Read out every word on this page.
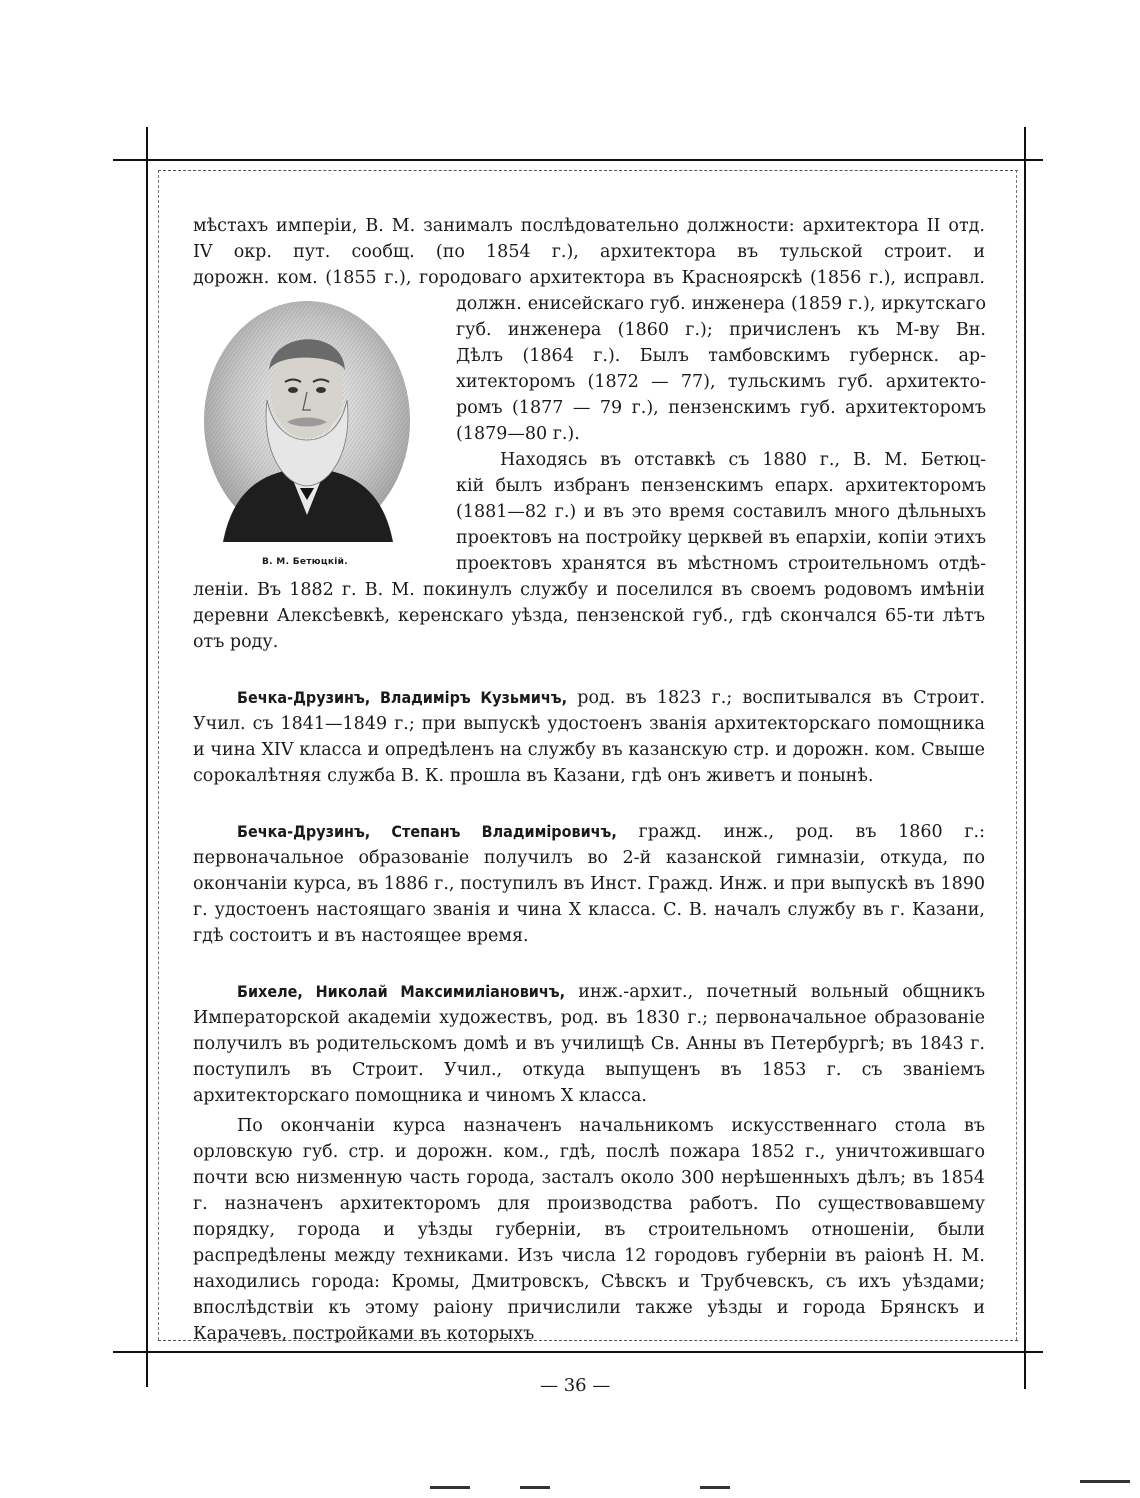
мѣстахъ имперіи, В. М. занималъ послѣдовательно должности: архитектора II отд.

IV окр. пут. сообщ. (по 1854 г.), архитектора въ тульской строит. и

дорожн. ком. (1855 г.), городоваго архитектора въ Красноярскѣ (1856 г.), исправл.

В. М. Бетюцкій.
должн. енисейскаго губ. инженера (1859 г.), иркутскаго
губ. инженера (1860 г.); причисленъ къ М-ву Вн.
Дѣлъ (1864 г.). Былъ тамбовскимъ губернск. ар-
хитекторомъ (1872 — 77), тульскимъ губ. архитекто-
ромъ (1877 — 79 г.), пензенскимъ губ. архитекторомъ
(1879—80 г.).
Находясь въ отставкѣ съ 1880 г., В. М. Бетюц-
кій былъ избранъ пензенскимъ епарх. архитекторомъ
(1881—82 г.) и въ это время составилъ много дѣльныхъ
проектовъ на постройку церквей въ епархіи, копіи этихъ
проектовъ хранятся въ мѣстномъ строительномъ отдѣ-

леніи. Въ 1882 г. В. М. покинулъ службу и поселился въ своемъ родовомъ имѣніи деревни Алексѣевкѣ, керенскаго уѣзда, пензенской губ., гдѣ скончался 65-ти лѣтъ отъ роду.

Бечка-Друзинъ, Владиміръ Кузьмичъ, род. въ 1823 г.; воспитывался въ Строит. Учил. съ 1841—1849 г.; при выпускѣ удостоенъ званія архитекторскаго помощника и чина XIV класса и опредѣленъ на службу въ казанскую стр. и дорожн. ком. Свыше сорокалѣтняя служба В. К. прошла въ Казани, гдѣ онъ живетъ и понынѣ.

Бечка-Друзинъ, Степанъ Владиміровичъ, гражд. инж., род. въ 1860 г.: первоначальное образованіе получилъ во 2-й казанской гимназіи, откуда, по окончаніи курса, въ 1886 г., поступилъ въ Инст. Гражд. Инж. и при выпускѣ въ 1890 г. удостоенъ настоящаго званія и чина X класса. С. В. началъ службу въ г. Казани, гдѣ состоитъ и въ настоящее время.

Бихеле, Николай Максимиліановичъ, инж.-архит., почетный вольный общникъ Императорской академіи художествъ, род. въ 1830 г.; первоначальное образованіе получилъ въ родительскомъ домѣ и въ училищѣ Св. Анны въ Петербургѣ; въ 1843 г. поступилъ въ Строит. Учил., откуда выпущенъ въ 1853 г. съ званіемъ архитекторскаго помощника и чиномъ X класса.

По окончаніи курса назначенъ начальникомъ искусственнаго стола въ орловскую губ. стр. и дорожн. ком., гдѣ, послѣ пожара 1852 г., уничтожившаго почти всю низменную часть города, засталъ около 300 нерѣшенныхъ дѣлъ; въ 1854 г. назначенъ архитекторомъ для производства работъ. По существовавшему порядку, города и уѣзды губерніи, въ строительномъ отношеніи, были распредѣлены между техниками. Изъ числа 12 городовъ губерніи въ раіонѣ Н. М. находились города: Кромы, Дмитровскъ, Сѣвскъ и Трубчевскъ, съ ихъ уѣздами; впослѣдствіи къ этому раіону причислили также уѣзды и города Брянскъ и Карачевъ, постройками въ которыхъ

— 36 —
